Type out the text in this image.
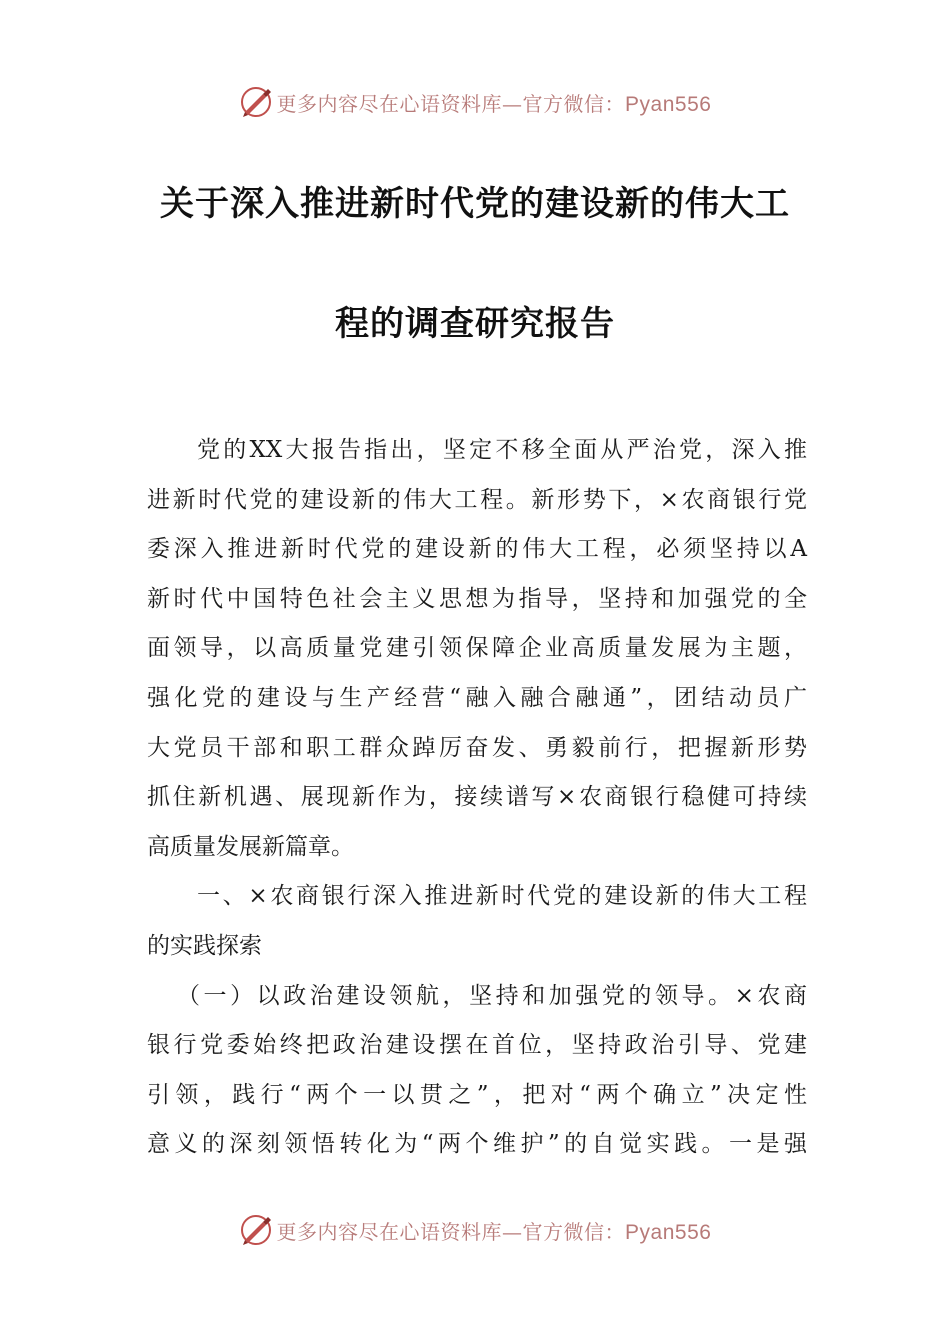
更多内容尽在心语资料库—官方微信：Pyan556
关于深入推进新时代党的建设新的伟大工
程的调查研究报告
党的XX大报告指出，坚定不移全面从严治党，深入推
进新时代党的建设新的伟大工程。新形势下，×农商银行党
委深入推进新时代党的建设新的伟大工程，必须坚持以A
新时代中国特色社会主义思想为指导，坚持和加强党的全
面领导，以高质量党建引领保障企业高质量发展为主题，
强化党的建设与生产经营“融入融合融通”，团结动员广
大党员干部和职工群众踔厉奋发、勇毅前行，把握新形势
抓住新机遇、展现新作为，接续谱写×农商银行稳健可持续
高质量发展新篇章。
一、×农商银行深入推进新时代党的建设新的伟大工程
的实践探索
（一）以政治建设领航，坚持和加强党的领导。×农商
银行党委始终把政治建设摆在首位，坚持政治引导、党建
引领，践行“两个一以贯之”，把对“两个确立”决定性
意义的深刻领悟转化为“两个维护”的自觉实践。一是强
更多内容尽在心语资料库—官方微信：Pyan556
